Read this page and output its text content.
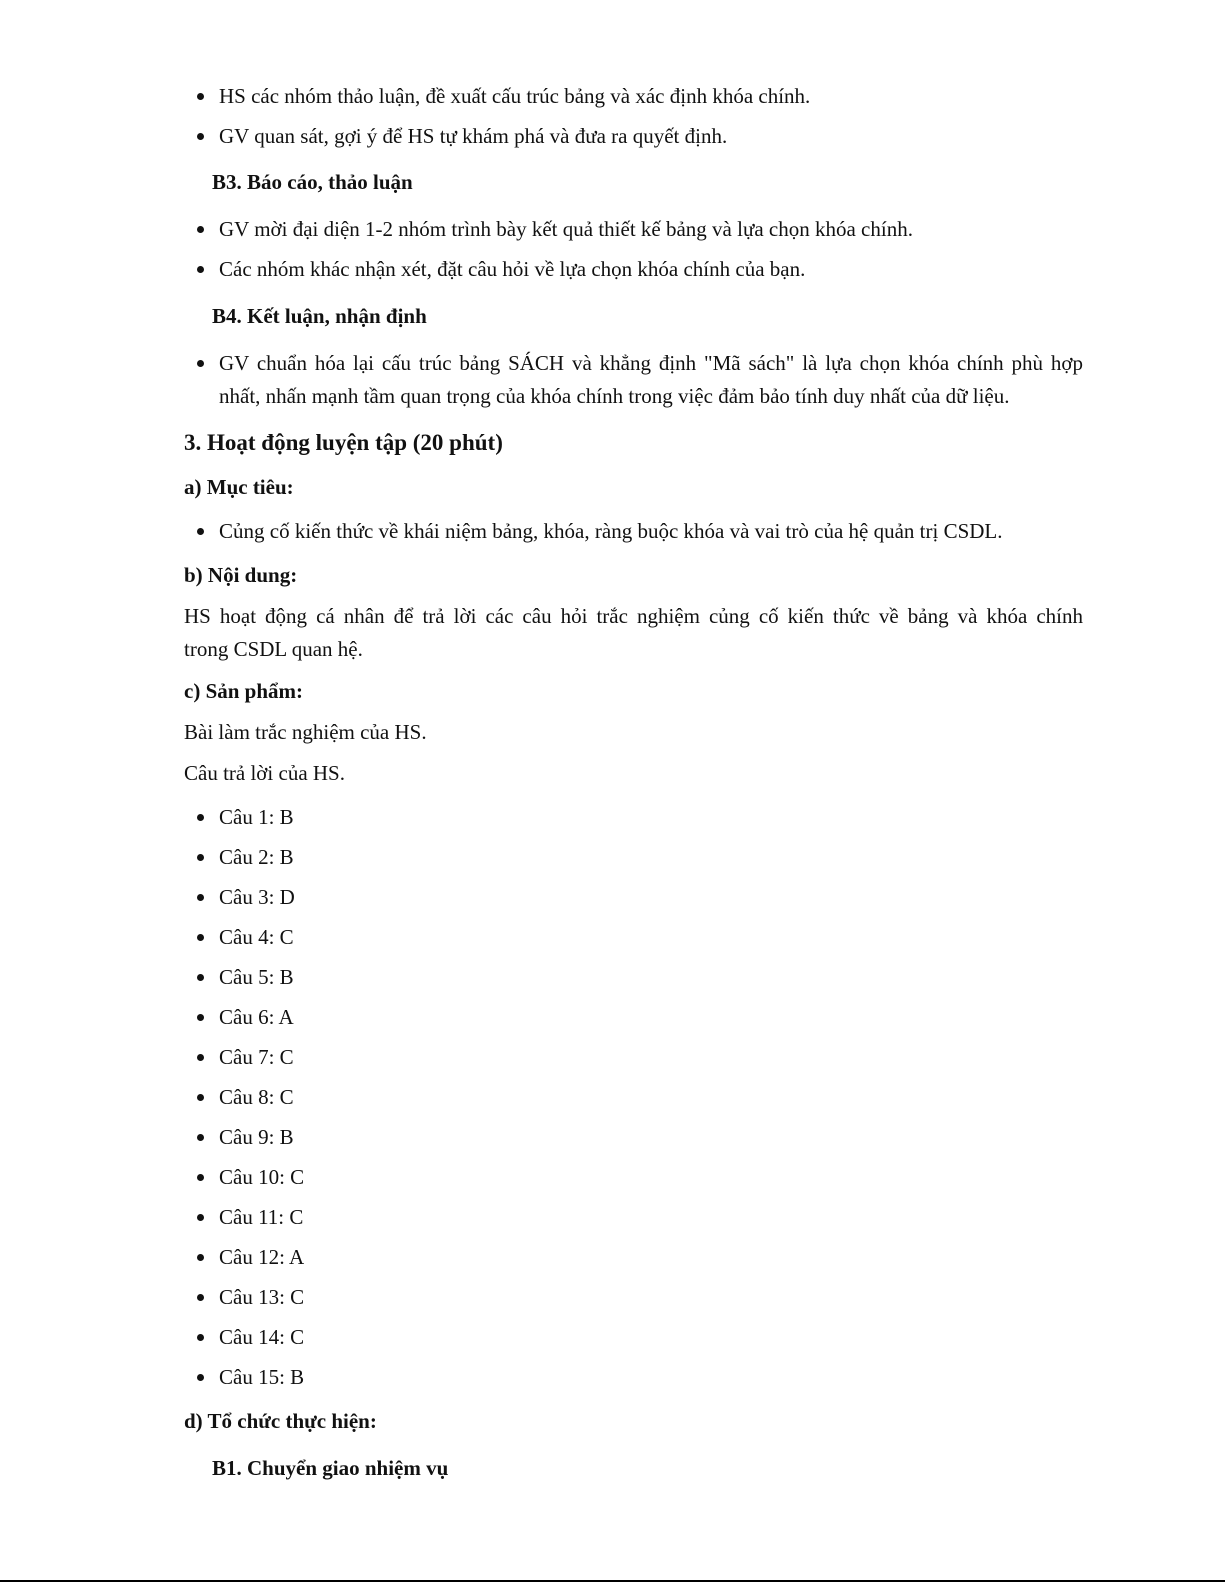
HS các nhóm thảo luận, đề xuất cấu trúc bảng và xác định khóa chính.
GV quan sát, gợi ý để HS tự khám phá và đưa ra quyết định.
B3. Báo cáo, thảo luận
GV mời đại diện 1-2 nhóm trình bày kết quả thiết kế bảng và lựa chọn khóa chính.
Các nhóm khác nhận xét, đặt câu hỏi về lựa chọn khóa chính của bạn.
B4. Kết luận, nhận định
GV chuẩn hóa lại cấu trúc bảng SÁCH và khẳng định "Mã sách" là lựa chọn khóa chính phù hợp
nhất, nhấn mạnh tầm quan trọng của khóa chính trong việc đảm bảo tính duy nhất của dữ liệu.
3. Hoạt động luyện tập (20 phút)
a) Mục tiêu:
Củng cố kiến thức về khái niệm bảng, khóa, ràng buộc khóa và vai trò của hệ quản trị CSDL.
b) Nội dung:
HS hoạt động cá nhân để trả lời các câu hỏi trắc nghiệm củng cố kiến thức về bảng và khóa chính
trong CSDL quan hệ.
c) Sản phẩm:
Bài làm trắc nghiệm của HS.
Câu trả lời của HS.
Câu 1: B
Câu 2: B
Câu 3: D
Câu 4: C
Câu 5: B
Câu 6: A
Câu 7: C
Câu 8: C
Câu 9: B
Câu 10: C
Câu 11: C
Câu 12: A
Câu 13: C
Câu 14: C
Câu 15: B
d) Tổ chức thực hiện:
B1. Chuyển giao nhiệm vụ
